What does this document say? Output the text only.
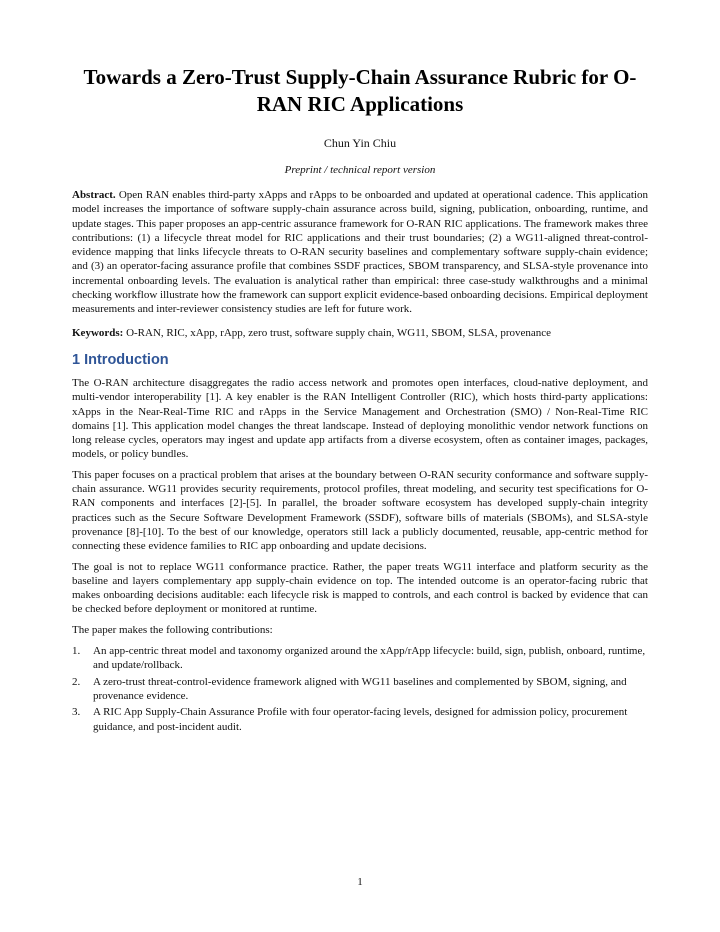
Towards a Zero-Trust Supply-Chain Assurance Rubric for O-RAN RIC Applications
Chun Yin Chiu
Preprint / technical report version

Abstract. Open RAN enables third-party xApps and rApps to be onboarded and updated at operational cadence. This application model increases the importance of software supply-chain assurance across build, signing, publication, onboarding, runtime, and update stages. This paper proposes an app-centric assurance framework for O-RAN RIC applications. The framework makes three contributions: (1) a lifecycle threat model for RIC applications and their trust boundaries; (2) a WG11-aligned threat-control-evidence mapping that links lifecycle threats to O-RAN security baselines and complementary software supply-chain evidence; and (3) an operator-facing assurance profile that combines SSDF practices, SBOM transparency, and SLSA-style provenance into incremental onboarding levels. The evaluation is analytical rather than empirical: three case-study walkthroughs and a minimal checking workflow illustrate how the framework can support explicit evidence-based onboarding decisions. Empirical deployment measurements and inter-reviewer consistency studies are left for future work.

Keywords: O-RAN, RIC, xApp, rApp, zero trust, software supply chain, WG11, SBOM, SLSA, provenance

1 Introduction

The O-RAN architecture disaggregates the radio access network and promotes open interfaces, cloud-native deployment, and multi-vendor interoperability [1]. A key enabler is the RAN Intelligent Controller (RIC), which hosts third-party applications: xApps in the Near-Real-Time RIC and rApps in the Service Management and Orchestration (SMO) / Non-Real-Time RIC domains [1]. This application model changes the threat landscape. Instead of deploying monolithic vendor network functions on long release cycles, operators may ingest and update app artifacts from a diverse ecosystem, often as container images, packages, models, or policy bundles.

This paper focuses on a practical problem that arises at the boundary between O-RAN security conformance and software supply-chain assurance. WG11 provides security requirements, protocol profiles, threat modeling, and security test specifications for O-RAN components and interfaces [2]-[5]. In parallel, the broader software ecosystem has developed supply-chain integrity practices such as the Secure Software Development Framework (SSDF), software bills of materials (SBOMs), and SLSA-style provenance [8]-[10]. To the best of our knowledge, operators still lack a publicly documented, reusable, app-centric method for connecting these evidence families to RIC app onboarding and update decisions.

The goal is not to replace WG11 conformance practice. Rather, the paper treats WG11 interface and platform security as the baseline and layers complementary app supply-chain evidence on top. The intended outcome is an operator-facing rubric that makes onboarding decisions auditable: each lifecycle risk is mapped to controls, and each control is backed by evidence that can be checked before deployment or monitored at runtime.

The paper makes the following contributions:

1. An app-centric threat model and taxonomy organized around the xApp/rApp lifecycle: build, sign, publish, onboard, runtime, and update/rollback.
2. A zero-trust threat-control-evidence framework aligned with WG11 baselines and complemented by SBOM, signing, and provenance evidence.
3. A RIC App Supply-Chain Assurance Profile with four operator-facing levels, designed for admission policy, procurement guidance, and post-incident audit.
1
